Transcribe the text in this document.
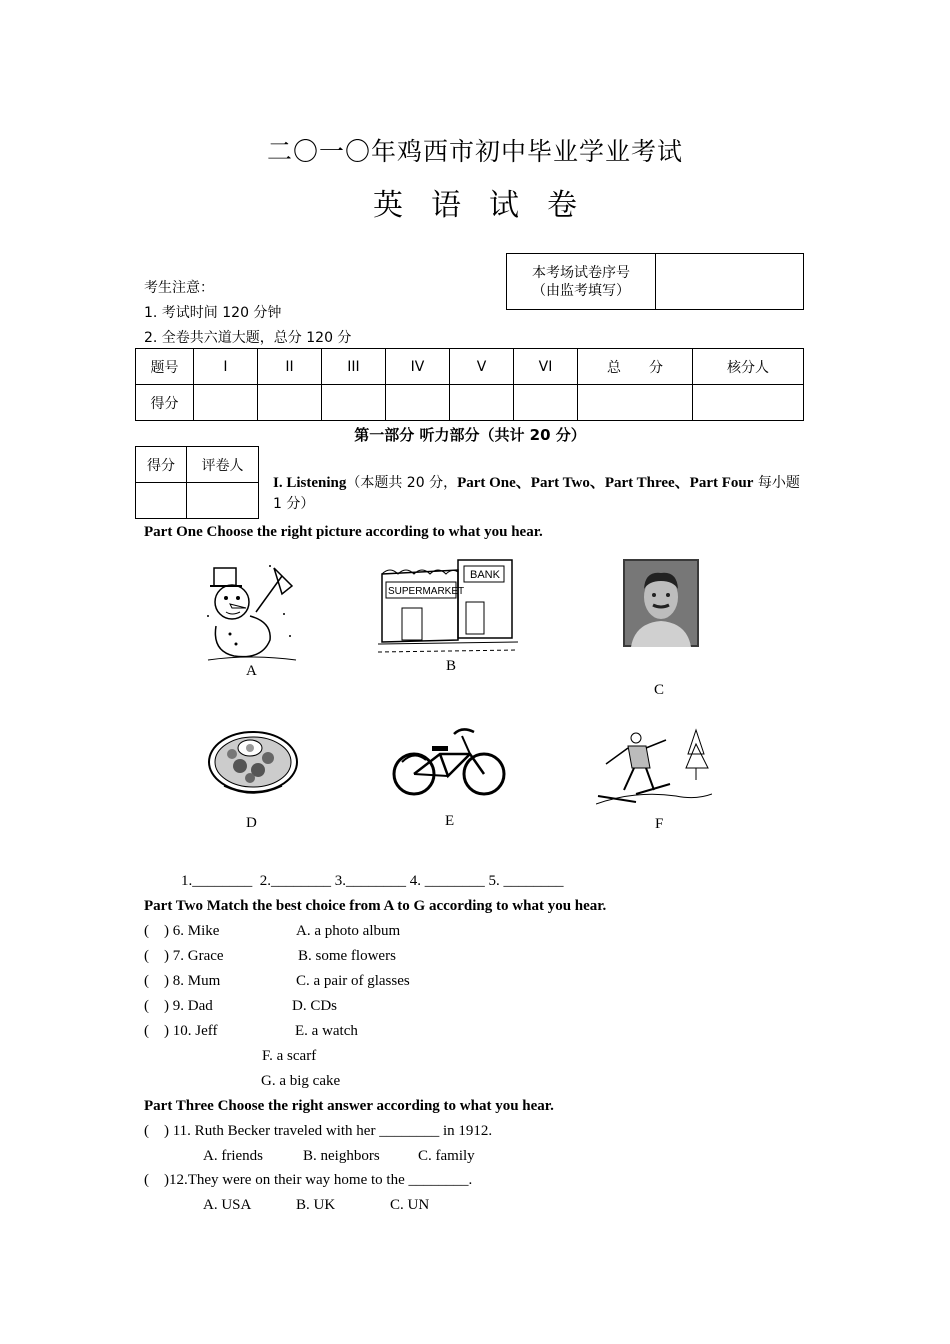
二〇一〇年鸡西市初中毕业学业考试
英语试卷
本考场试卷序号
（由监考填写）	
考生注意：
1. 考试时间 120 分钟
2. 全卷共六道大题，总分 120 分
题号	I	II	III	IV	V	VI	总　　分	核分人
得分								
第一部分 听力部分（共计 20 分）
得分	评卷人

I. Listening（本题共 20 分，Part One、Part Two、Part Three、Part Four 每小题 1 分）
Part One Choose the right picture according to what you hear.
A
SUPERMARKET
BANK
B
C
D	E	F
1.________  2.________ 3.________ 4. ________ 5. ________
Part Two Match the best choice from A to G according to what you hear.
(    ) 6. Mike
(    ) 7. Grace
(    ) 8. Mum
(    ) 9. Dad
(    ) 10. Jeff
A. a photo album
B. some flowers
C. a pair of glasses
D. CDs
E. a watch
F. a scarf
G. a big cake
Part Three Choose the right answer according to what you hear.
(    ) 11. Ruth Becker traveled with her ________ in 1912.
A. friends	B. neighbors	C. family
(    )12.They were on their way home to the ________.
A. USA	B. UK	C. UN
